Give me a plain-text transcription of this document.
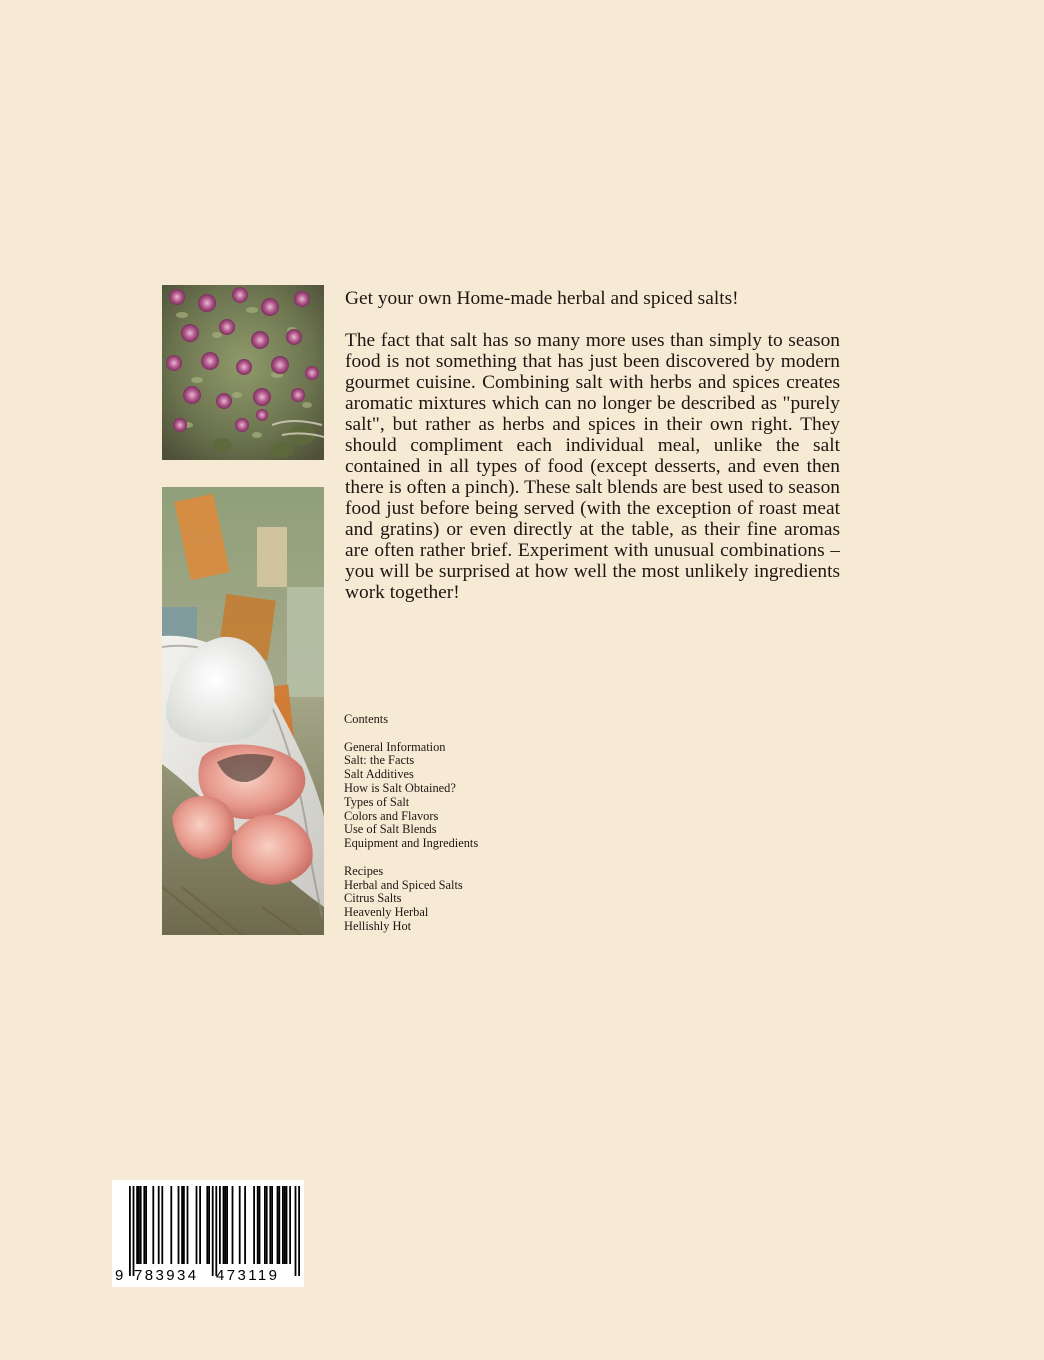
Get your own Home-made herbal and spiced salts!

The fact that salt has so many more uses than simply to season food is not something that has just been discovered by modern gourmet cuisine. Combining salt with herbs and spices creates aromatic mixtures which can no longer be described as "purely salt", but rather as herbs and spices in their own right. They should compliment each individual meal, unlike the salt contained in all types of food (except desserts, and even then there is often a pinch). These salt blends are best used to season food just before being served (with the exception of roast meat and gratins) or even directly at the table, as their fine aromas are often rather brief. Experiment with unusual combinations – you will be surprised at how well the most unlikely ingredients work together!

Contents

General Information
Salt: the Facts
Salt Additives
How is Salt Obtained?
Types of Salt
Colors and Flavors
Use of Salt Blends
Equipment and Ingredients
Recipes
Herbal and Spiced Salts
Citrus Salts
Heavenly Herbal
Hellishly Hot
9 783934 473119
